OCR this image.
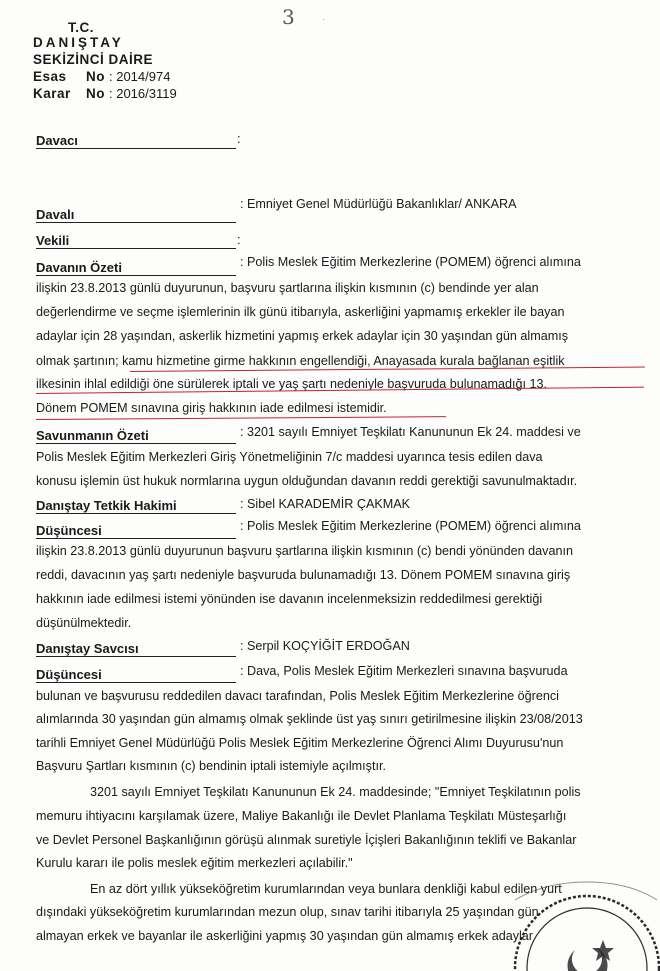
3	·
T.C.
DANIŞTAY
SEKİZİNCİ DAİRE
Esas No : 2014/974
Karar No : 2016/3119
Davacı	:
Davalı
: Emniyet Genel Müdürlüğü Bakanlıklar/ ANKARA
Vekili	:
Davanın Özeti	: Polis Meslek Eğitim Merkezlerine (POMEM) öğrenci alımına
ilişkin 23.8.2013 günlü duyurunun, başvuru şartlarına ilişkin kısmının (c) bendinde yer alan
değerlendirme ve seçme işlemlerinin ilk günü itibarıyla, askerliğini yapmamış erkekler ile bayan
adaylar için 28 yaşından, askerlik hizmetini yapmış erkek adaylar için 30 yaşından gün almamış
olmak şartının; kamu hizmetine girme hakkının engellendiği, Anayasada kurala bağlanan eşitlik
ilkesinin ihlal edildiği öne sürülerek iptali ve yaş şartı nedeniyle başvuruda bulunamadığı 13.
Dönem POMEM sınavına giriş hakkının iade edilmesi istemidir.
Savunmanın Özeti	: 3201 sayılı Emniyet Teşkilatı Kanununun Ek 24. maddesi ve
Polis Meslek Eğitim Merkezleri Giriş Yönetmeliğinin 7/c maddesi uyarınca tesis edilen dava
konusu işlemin üst hukuk normlarına uygun olduğundan davanın reddi gerektiği savunulmaktadır.
Danıştay Tetkik Hakimi	: Sibel KARADEMİR ÇAKMAK
Düşüncesi	: Polis Meslek Eğitim Merkezlerine (POMEM) öğrenci alımına
ilişkin 23.8.2013 günlü duyurunun başvuru şartlarına ilişkin kısmının (c) bendi yönünden davanın
reddi, davacının yaş şartı nedeniyle başvuruda bulunamadığı 13. Dönem POMEM sınavına giriş
hakkının iade edilmesi istemi yönünden ise davanın incelenmeksizin reddedilmesi gerektiği
düşünülmektedir.
Danıştay Savcısı	: Serpil KOÇYİĞİT ERDOĞAN
Düşüncesi	: Dava, Polis Meslek Eğitim Merkezleri sınavına başvuruda
bulunan ve başvurusu reddedilen davacı tarafından, Polis Meslek Eğitim Merkezlerine öğrenci
alımlarında 30 yaşından gün almamış olmak şeklinde üst yaş sınırı getirilmesine ilişkin 23/08/2013
tarihli Emniyet Genel Müdürlüğü Polis Meslek Eğitim Merkezlerine Öğrenci Alımı Duyurusu'nun
Başvuru Şartları kısmının (c) bendinin iptali istemiyle açılmıştır.
3201 sayılı Emniyet Teşkilatı Kanununun Ek 24. maddesinde; "Emniyet Teşkilatının polis
memuru ihtiyacını karşılamak üzere, Maliye Bakanlığı ile Devlet Planlama Teşkilatı Müsteşarlığı
ve Devlet Personel Başkanlığının görüşü alınmak suretiyle İçişleri Bakanlığının teklifi ve Bakanlar
Kurulu kararı ile polis meslek eğitim merkezleri açılabilir."
En az dört yıllık yükseköğretim kurumlarından veya bunlara denkliği kabul edilen yurt
dışındaki yükseköğretim kurumlarından mezun olup, sınav tarihi itibarıyla 25 yaşından gün
almayan erkek ve bayanlar ile askerliğini yapmış 30 yaşından gün almamış erkek adaylar
